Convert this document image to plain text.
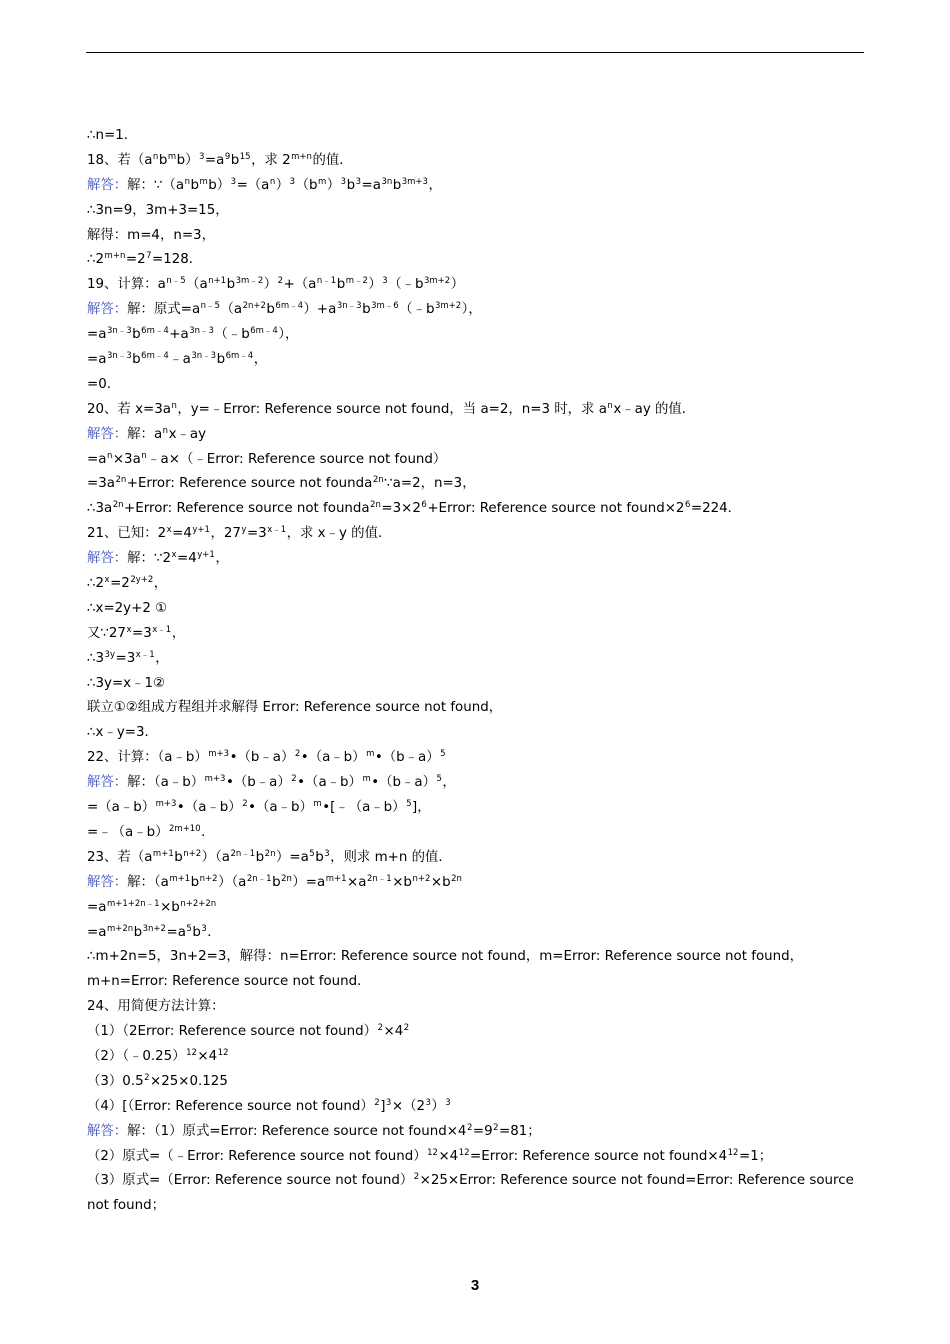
∴n=1．
18、若$(a^nb^mb)^3=a^9b^{15}$，求 $2^{m+n}$的值．
解答：解：$\because(a^nb^mb)^3=(a^n)^3(b^m)^3b^3=a^{3n}b^{3m+3}$，
∴3n=9，3m+3=15，
解得：m=4，n=3，
$\therefore 2^{m+n}=2^7=128$．
19、计算：$a^{n﹣5}(a^{n+1}b^{3m﹣2})^2+(a^{n﹣1}b^{m﹣2})^3(﹣b^{3m+2})$
解答：解：原式$=a^{n﹣5}(a^{2n+2}b^{6m﹣4})+a^{3n﹣3}b^{3m﹣6}(﹣b^{3m+2})$，
$=a^{3n﹣3}b^{6m﹣4}+a^{3n﹣3}(﹣b^{6m﹣4})$，
$=a^{3n﹣3}b^{6m﹣4}﹣a^{3n﹣3}b^{6m﹣4}$，
=0．
20、若 $x=3a^n$，y=﹣Error: Reference source not found，当 a=2，n=3 时，求 $a^nx﹣ay$ 的值．
解答：解：$a^nx﹣ay$
$=a^n\times 3a^n﹣a\times(﹣Error$: Reference source not found）
$=3a^{2n}+Error$: Reference source not founda$^{2n}$∵a=2，n=3，
$\therefore 3a^{2n}+Error$: Reference source not $founda^{2n}=3\times 2^6+Error$: Reference source not $found\times 2^6=224$．
21、已知：$2^x=4^{y+1}$，$27^y=3^{x﹣1}$，求 x﹣y 的值．
解答：解：$\because 2^x=4^{y+1}$，
$\therefore 2^x=2^{2y+2}$，
∴x=2y+2 ①
又$\because 27^x=3^{x﹣1}$，
$\therefore 3^{3y}=3^{x﹣1}$，
∴3y=x﹣1②
联立①②组成方程组并求解得 Error: Reference source not found，
∴x﹣y=3．
22、计算：（a﹣b）$^{m+3}$•（b﹣a）$^2$•（a﹣b）$^m$•（b﹣a）$^5$
解答：解：（a﹣b）$^{m+3}$•（b﹣a）$^2$•（a﹣b）$^m$•（b﹣a）$^5$，
=（a﹣b）$^{m+3}$•（a﹣b）$^2$•（a﹣b）$^m$•[﹣（a﹣b）$^5$]，
=﹣（a﹣b）$^{2m+10}$．
23、若$(a^{m+1}b^{n+2})(a^{2n﹣1}b^{2n})=a^5b^3$，则求 m+n 的值．
解答：解：$(a^{m+1}b^{n+2})(a^{2n﹣1}b^{2n})=a^{m+1}\times a^{2n﹣1}\times b^{n+2}\times b^{2n}$
$=a^{m+1+2n﹣1}\times b^{n+2+2n}$
$=a^{m+2n}b^{3n+2}=a^5b^3$．
∴m+2n=5，3n+2=3，解得：n=Error: Reference source not found，m=Error: Reference source not found，
m+n=Error: Reference source not found．
24、用简便方法计算：
（1）（2Error: Reference source not $found)^2\times 4^2$
$(2)(﹣0.25)^{12}\times 4^{12}$
$(3)0.5^2\times 25\times 0.125$
（4）[（Error: Reference source not $found)^2]^3\times(2^3)^3$
解答：解：（1）原式=Error: Reference source not $found\times 4^2=9^2=81$；
（2）原式=（﹣Error: Reference source not $found)^{12}\times 4^{12}=Error$: Reference source not $found\times 4^{12}=1$；
（3）原式=（Error: Reference source not found）$^2$×25×Error: Reference source not found=Error: Reference source
not found；
3
